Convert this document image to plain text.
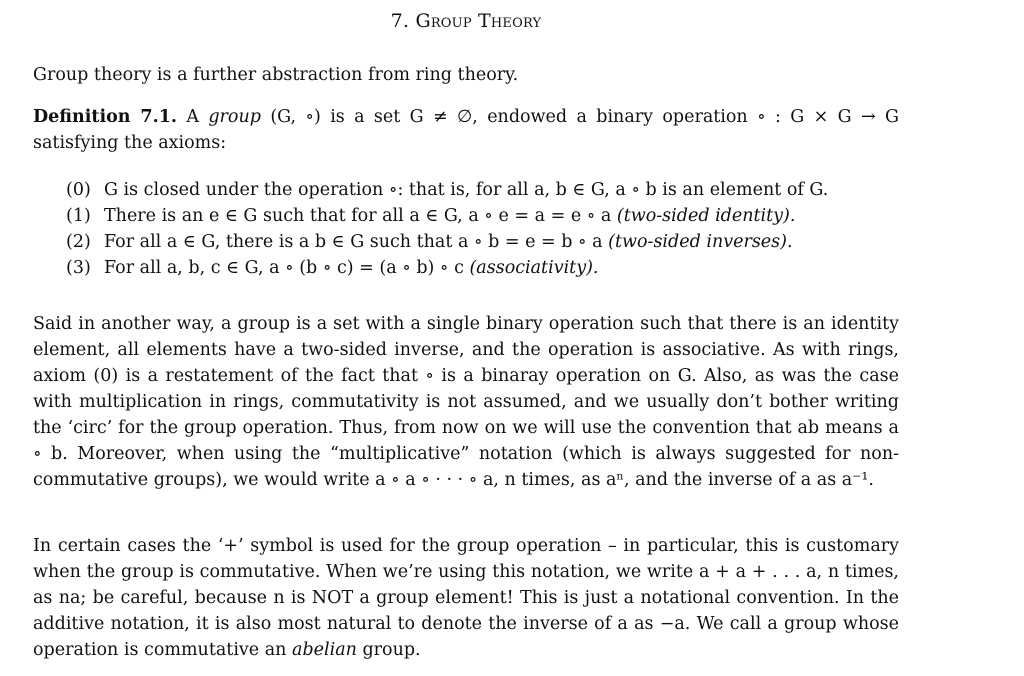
7. Group Theory

Group theory is a further abstraction from ring theory.

Definition 7.1. A group (G, ∘) is a set G ≠ ∅, endowed a binary operation ∘ : G × G → G satisfying the axioms:

(0) G is closed under the operation ∘: that is, for all a, b ∈ G, a ∘ b is an element of G.
(1) There is an e ∈ G such that for all a ∈ G, a ∘ e = a = e ∘ a (two-sided identity).
(2) For all a ∈ G, there is a b ∈ G such that a ∘ b = e = b ∘ a (two-sided inverses).
(3) For all a, b, c ∈ G, a ∘ (b ∘ c) = (a ∘ b) ∘ c (associativity).

Said in another way, a group is a set with a single binary operation such that there is an identity element, all elements have a two-sided inverse, and the operation is associative. As with rings, axiom (0) is a restatement of the fact that ∘ is a binaray operation on G. Also, as was the case with multiplication in rings, commutativity is not assumed, and we usually don’t bother writing the ‘circ’ for the group operation. Thus, from now on we will use the convention that ab means a ∘ b. Moreover, when using the “multiplicative” notation (which is always suggested for non-commutative groups), we would write a ∘ a ∘ · · · ∘ a, n times, as aⁿ, and the inverse of a as a⁻¹.

In certain cases the ‘+’ symbol is used for the group operation – in particular, this is customary when the group is commutative. When we’re using this notation, we write a + a + . . . a, n times, as na; be careful, because n is NOT a group element! This is just a notational convention. In the additive notation, it is also most natural to denote the inverse of a as −a. We call a group whose operation is commutative an abelian group.
